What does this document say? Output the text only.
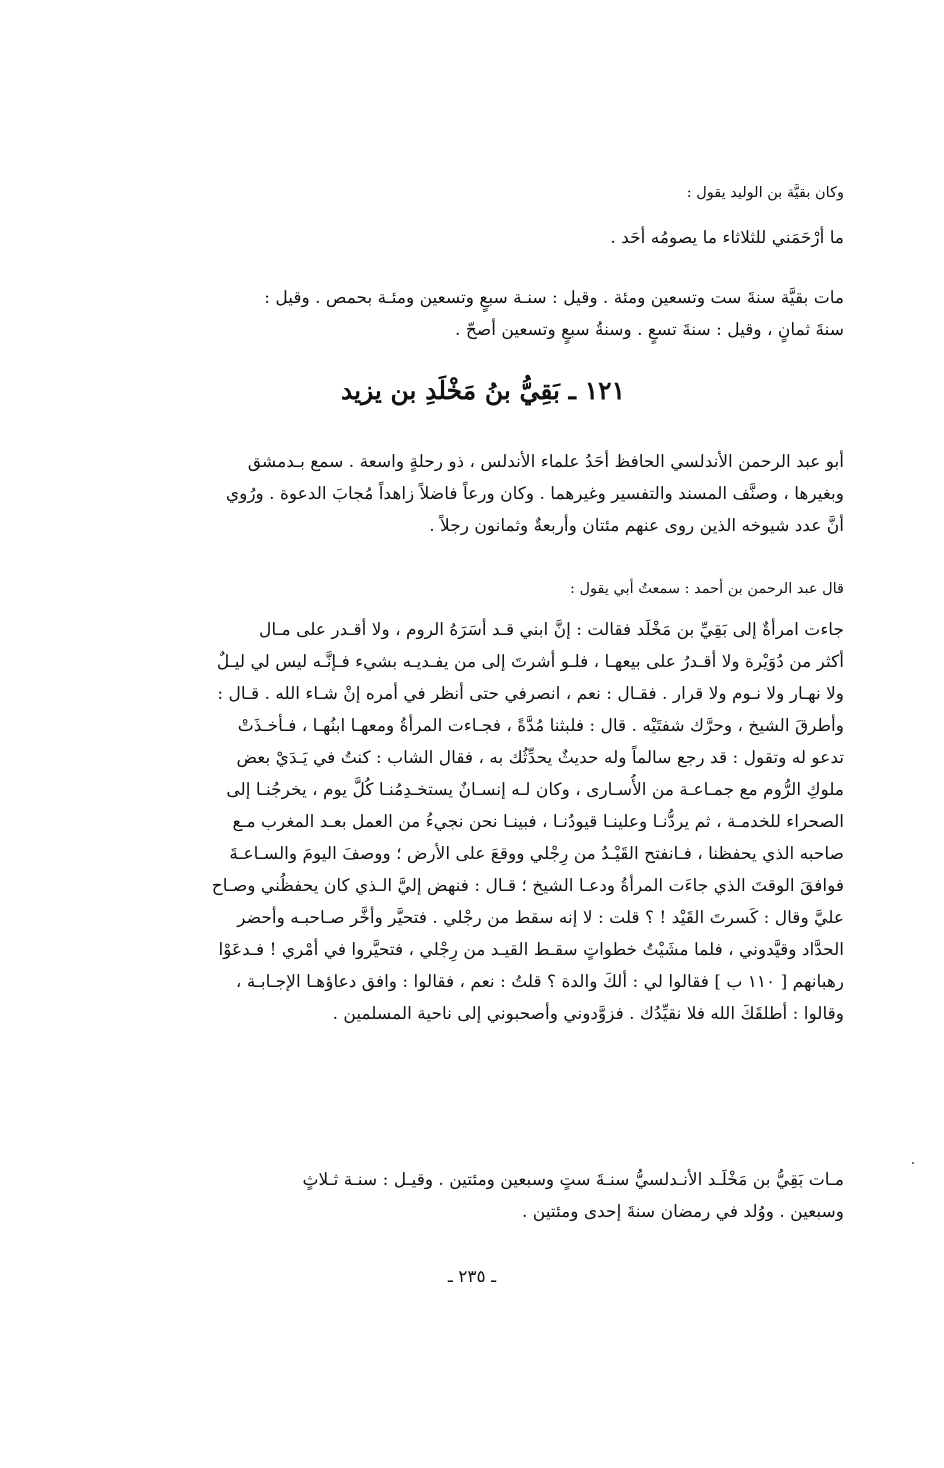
وكان بقيَّة بن الوليد يقول :
ما أرْحَمَني للثلاثاء ما يصومُه أحَد .
مات بقيَّة سنةَ ست وتسعين ومئة . وقيل : سنـة سبعٍ وتسعين ومئـة بحمص . وقيل :
سنةَ ثمانٍ ، وقيل : سنةَ تسعٍ . وسنةُ سبعٍ وتسعين أصحّ .
١٢١ ـ بَقِيُّ بنُ مَخْلَدِ بن يزيد
أبو عبد الرحمن الأندلسي الحافظ أحَدُ علماء الأندلس ، ذو رحلةٍ واسعة . سمع بـدمشق
وبغيرها ، وصنَّف المسند والتفسير وغيرهما . وكان ورعاً فاضلاً زاهداً مُجابَ الدعوة . ورُوي
أنَّ عدد شيوخه الذين روى عنهم مئتان وأربعةٌ وثمانون رجلاً .
قال عبد الرحمن بن أحمد : سمعتُ أبي يقول :
جاءت امرأةٌ إلى بَقِيِّ بن مَخْلَد فقالت : إنَّ ابني قـد أسَرَهُ الروم ، ولا أقـدر على مـال
أكثر من دُوَيْرة ولا أقـدرُ على بيعهـا ، فلـو أشرتَ إلى من يفـديـه بشيء فـإنَّـه ليس لي ليـلٌ
ولا نهـار ولا نـوم ولا قرار . فقـال : نعم ، انصرفي حتى أنظر في أمره إنْ شـاء الله . قـال :
وأطرقَ الشيخ ، وحرَّك شفتَيْه . قال : فلبثنا مُدَّةً ، فجـاءت المرأةُ ومعهـا ابنُهـا ، فـأخـذَتْ
تدعو له وتقول : قد رجع سالماً وله حديثٌ يحدِّثُك به ، فقال الشاب : كنتُ في يَـدَيْ بعض
ملوكِ الرُّوم مع جمـاعـة من الأُسـارى ، وكان لـه إنسـانٌ يستخـدِمُنـا كُلَّ يوم ، يخرجُنـا إلى
الصحراء للخدمـة ، ثم يردُّنـا وعلينـا قيودُنـا ، فبينـا نحن نجيءُ من العمل بعـد المغرب مـع
صاحبه الذي يحفظنا ، فـانفتح القَيْـدُ من رِجْلي ووقعَ على الأرض ؛ ووصفَ اليومَ والسـاعـةَ
فوافقَ الوقتَ الذي جاءَت المرأةُ ودعـا الشيخ ؛ قـال : فنهض إليَّ الـذي كان يحفظُني وصـاح
عليَّ وقال : كَسرتَ القَيْد ! ؟ قلت : لا إنه سقط من رجْلي . فتحيَّر وأخَّر صـاحبـه وأحضر
الحدَّاد وقيَّدوني ، فلما مشَيْتُ خطواتٍ سقـط القيـد من رِجْلي ، فتحيَّروا في أمْري ! فـدعَوْا
رهبانهم [ ١١٠ ب ] فقالوا لي : ألكَ والدة ؟ قلتُ : نعم ، فقالوا : وافق دعاؤهـا الإجـابـة ،
وقالوا : أطلقَكَ الله فلا نقيِّدُك . فزوَّدوني وأصحبوني إلى ناحية المسلمين .
مـات بَقِيُّ بن مَخْلَـد الأنـدلسيُّ سنـةَ ستٍ وسبعين ومئتين . وقيـل : سنـة ثـلاثٍ
وسبعين . ووُلد في رمضان سنةَ إحدى ومئتين .
ـ ٢٣٥ ـ
